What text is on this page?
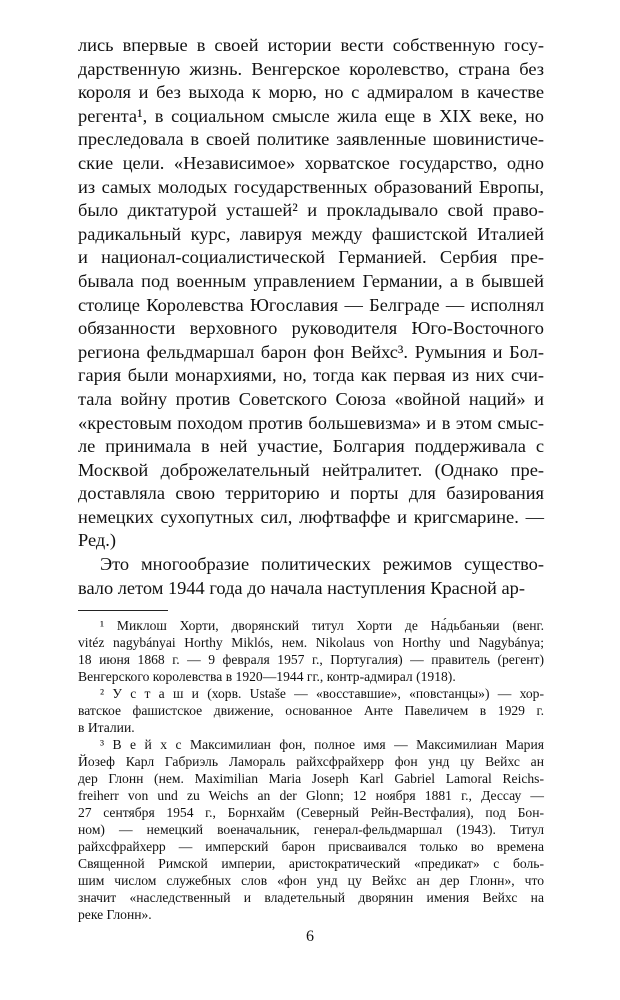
лись впервые в своей истории вести собственную госу-
дарственную жизнь. Венгерское королевство, страна без
короля и без выхода к морю, но с адмиралом в качестве
регента¹, в социальном смысле жила еще в XIX веке, но
преследовала в своей политике заявленные шовинистиче-
ские цели. «Независимое» хорватское государство, одно
из самых молодых государственных образований Европы,
было диктатурой усташей² и прокладывало свой право-
радикальный курс, лавируя между фашистской Италией
и национал-социалистической Германией. Сербия пре-
бывала под военным управлением Германии, а в бывшей
столице Королевства Югославия — Белграде — исполнял
обязанности верховного руководителя Юго-Восточного
региона фельдмаршал барон фон Вейхс³. Румыния и Бол-
гария были монархиями, но, тогда как первая из них счи-
тала войну против Советского Союза «войной наций» и
«крестовым походом против большевизма» и в этом смыс-
ле принимала в ней участие, Болгария поддерживала с
Москвой доброжелательный нейтралитет. (Однако пре-
доставляла свою территорию и порты для базирования
немецких сухопутных сил, люфтваффе и кригсмарине. —
Ред.)
Это многообразие политических режимов существо-
вало летом 1944 года до начала наступления Красной ар-
¹ Миклош Хорти, дворянский титул Хорти де На́дьбаньяи (венг.
vitéz nagybányai Horthy Miklós, нем. Nikolaus von Horthy und Nagybánya;
18 июня 1868 г. — 9 февраля 1957 г., Португалия) — правитель (регент)
Венгерского королевства в 1920—1944 гг., контр-адмирал (1918).
² У с т а ш и (хорв. Ustaše — «восставшие», «повстанцы») — хор-
ватское фашистское движение, основанное Анте Павеличем в 1929 г.
в Италии.
³ В е й х с Максимилиан фон, полное имя — Максимилиан Мария
Йозеф Карл Габриэль Ламораль райхсфрайхерр фон унд цу Вейхс ан
дер Глонн (нем. Maximilian Maria Joseph Karl Gabriel Lamoral Reichs-
freiherr von und zu Weichs an der Glonn; 12 ноября 1881 г., Дессау —
27 сентября 1954 г., Борнхайм (Северный Рейн-Вестфалия), под Бон-
ном) — немецкий военачальник, генерал-фельдмаршал (1943). Титул
райхсфрайхерр — имперский барон присваивался только во времена
Священной Римской империи, аристократический «предикат» с боль-
шим числом служебных слов «фон унд цу Вейхс ан дер Глонн», что
значит «наследственный и владетельный дворянин имения Вейхс на
реке Глонн».
6
